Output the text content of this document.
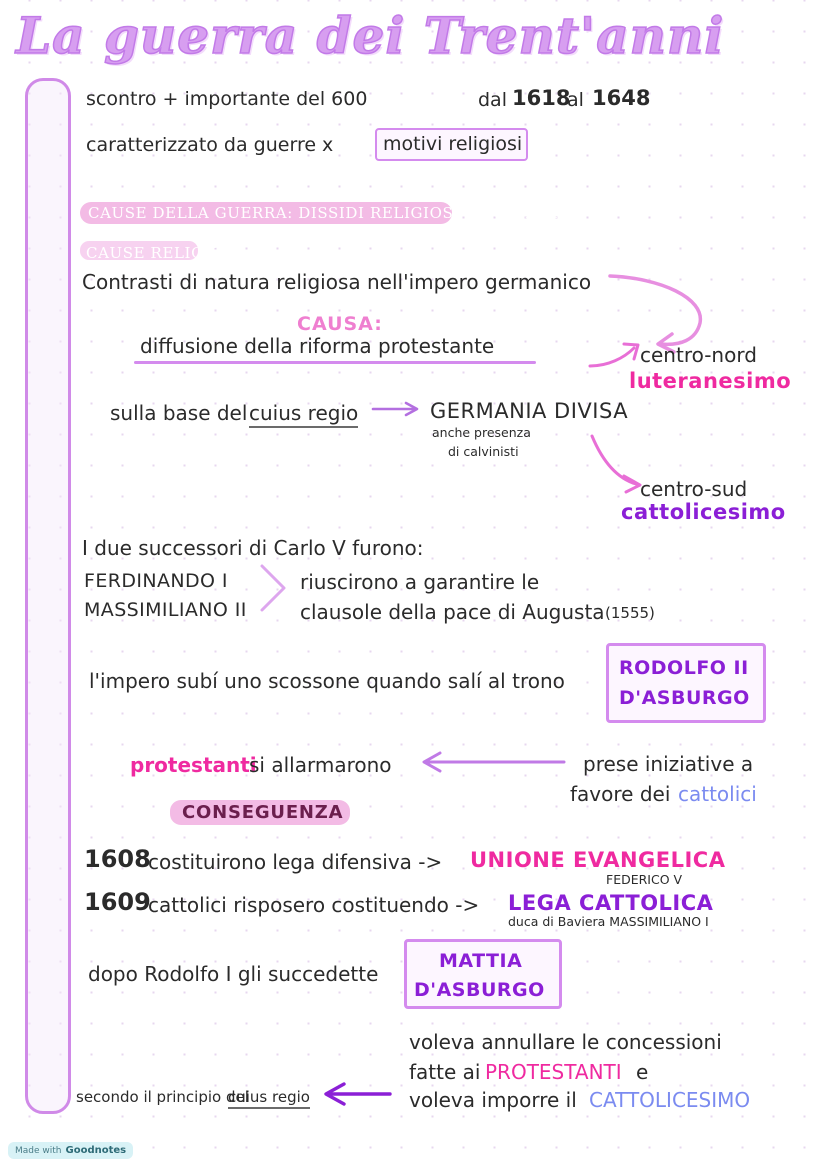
La guerra dei Trent'anni
scontro + importante del 600	dal 1618
al 1648
caratterizzato da guerre x	motivi religiosi
CAUSE DELLA GUERRA: DISSIDI RELIGIOSI E POLITICI
CAUSE RELIGIOSE :
Contrasti di natura religiosa nell'impero germanico
CAUSA:
diffusione della riforma protestante
sulla base del cuius regio	GERMANIA DIVISA
anche presenza
di calvinisti
centro-nord
luteranesimo
centro-sud
cattolicesimo
I due successori di Carlo V furono:
FERDINANDO I
MASSIMILIANO II
riuscirono a garantire le
clausole della pace di Augusta (1555)
l'impero subí uno scossone quando salí al trono
RODOLFO II
D'ASBURGO
protestanti
si allarmarono	prese iniziative a
favore dei cattolici
CONSEGUENZA
1608
costituirono lega difensiva -> UNIONE EVANGELICA
FEDERICO V
1609
cattolici risposero costituendo -> LEGA CATTOLICA
duca di Baviera MASSIMILIANO I
dopo Rodolfo I gli succedette
MATTIA
D'ASBURGO
voleva annullare le concessioni
fatte ai PROTESTANTI e
voleva imporre il CATTOLICESIMO
secondo il principio del
cuius regio
Made with Goodnotes
